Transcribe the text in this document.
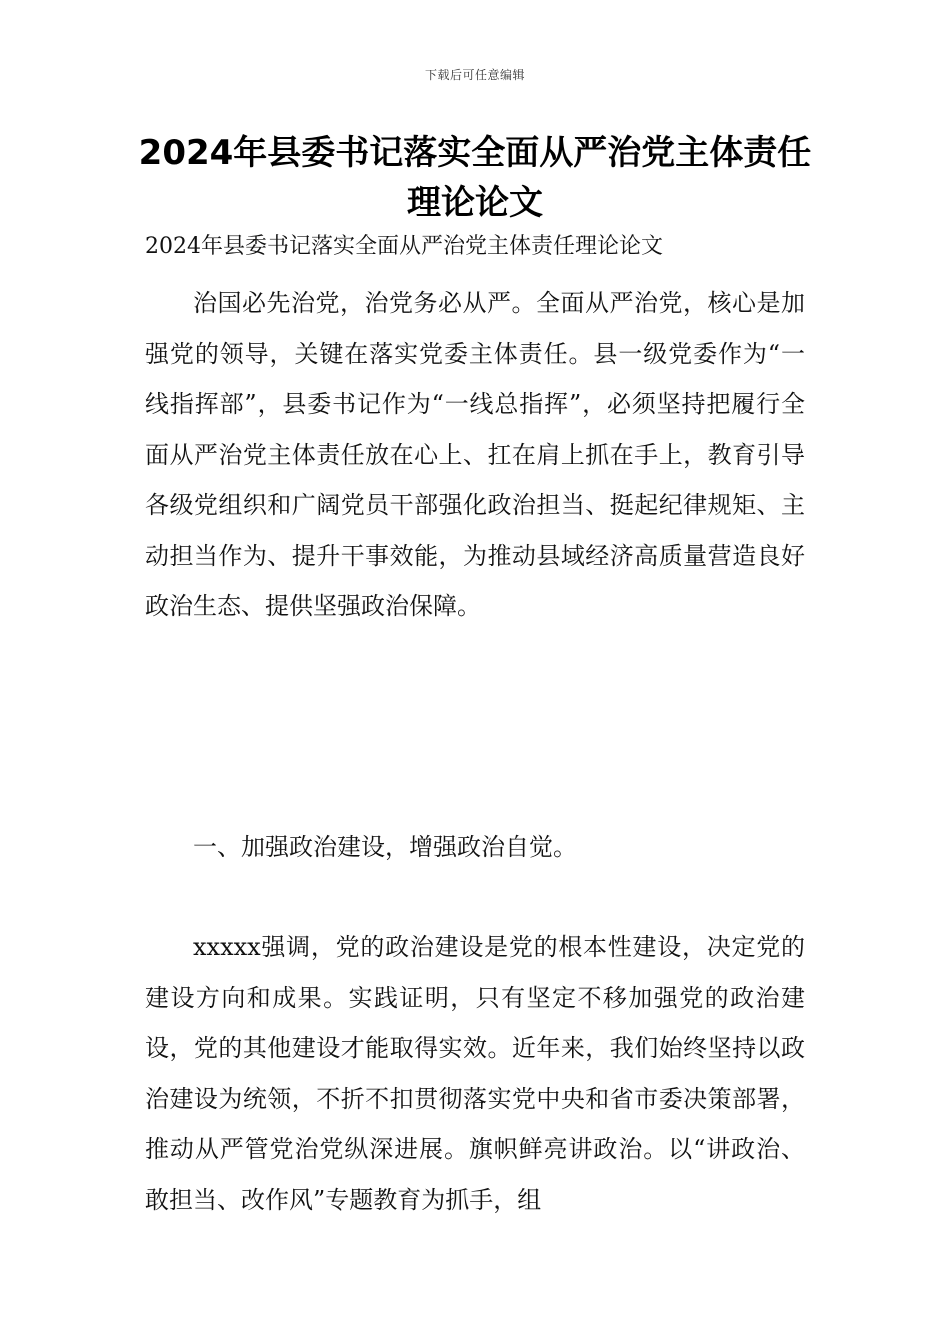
下载后可任意编辑
2024年县委书记落实全面从严治党主体责任理论论文
2024年县委书记落实全面从严治党主体责任理论论文

治国必先治党，治党务必从严。全面从严治党，核心是加强党的领导，关键在落实党委主体责任。县一级党委作为“一线指挥部”，县委书记作为“一线总指挥”，必须坚持把履行全面从严治党主体责任放在心上、扛在肩上抓在手上，教育引导各级党组织和广阔党员干部强化政治担当、挺起纪律规矩、主动担当作为、提升干事效能，为推动县域经济高质量营造良好政治生态、提供坚强政治保障。

一、加强政治建设，增强政治自觉。

xxxxx强调，党的政治建设是党的根本性建设，决定党的建设方向和成果。实践证明，只有坚定不移加强党的政治建设，党的其他建设才能取得实效。近年来，我们始终坚持以政治建设为统领，不折不扣贯彻落实党中央和省市委决策部署，推动从严管党治党纵深进展。旗帜鲜亮讲政治。以“讲政治、敢担当、改作风”专题教育为抓手，组
